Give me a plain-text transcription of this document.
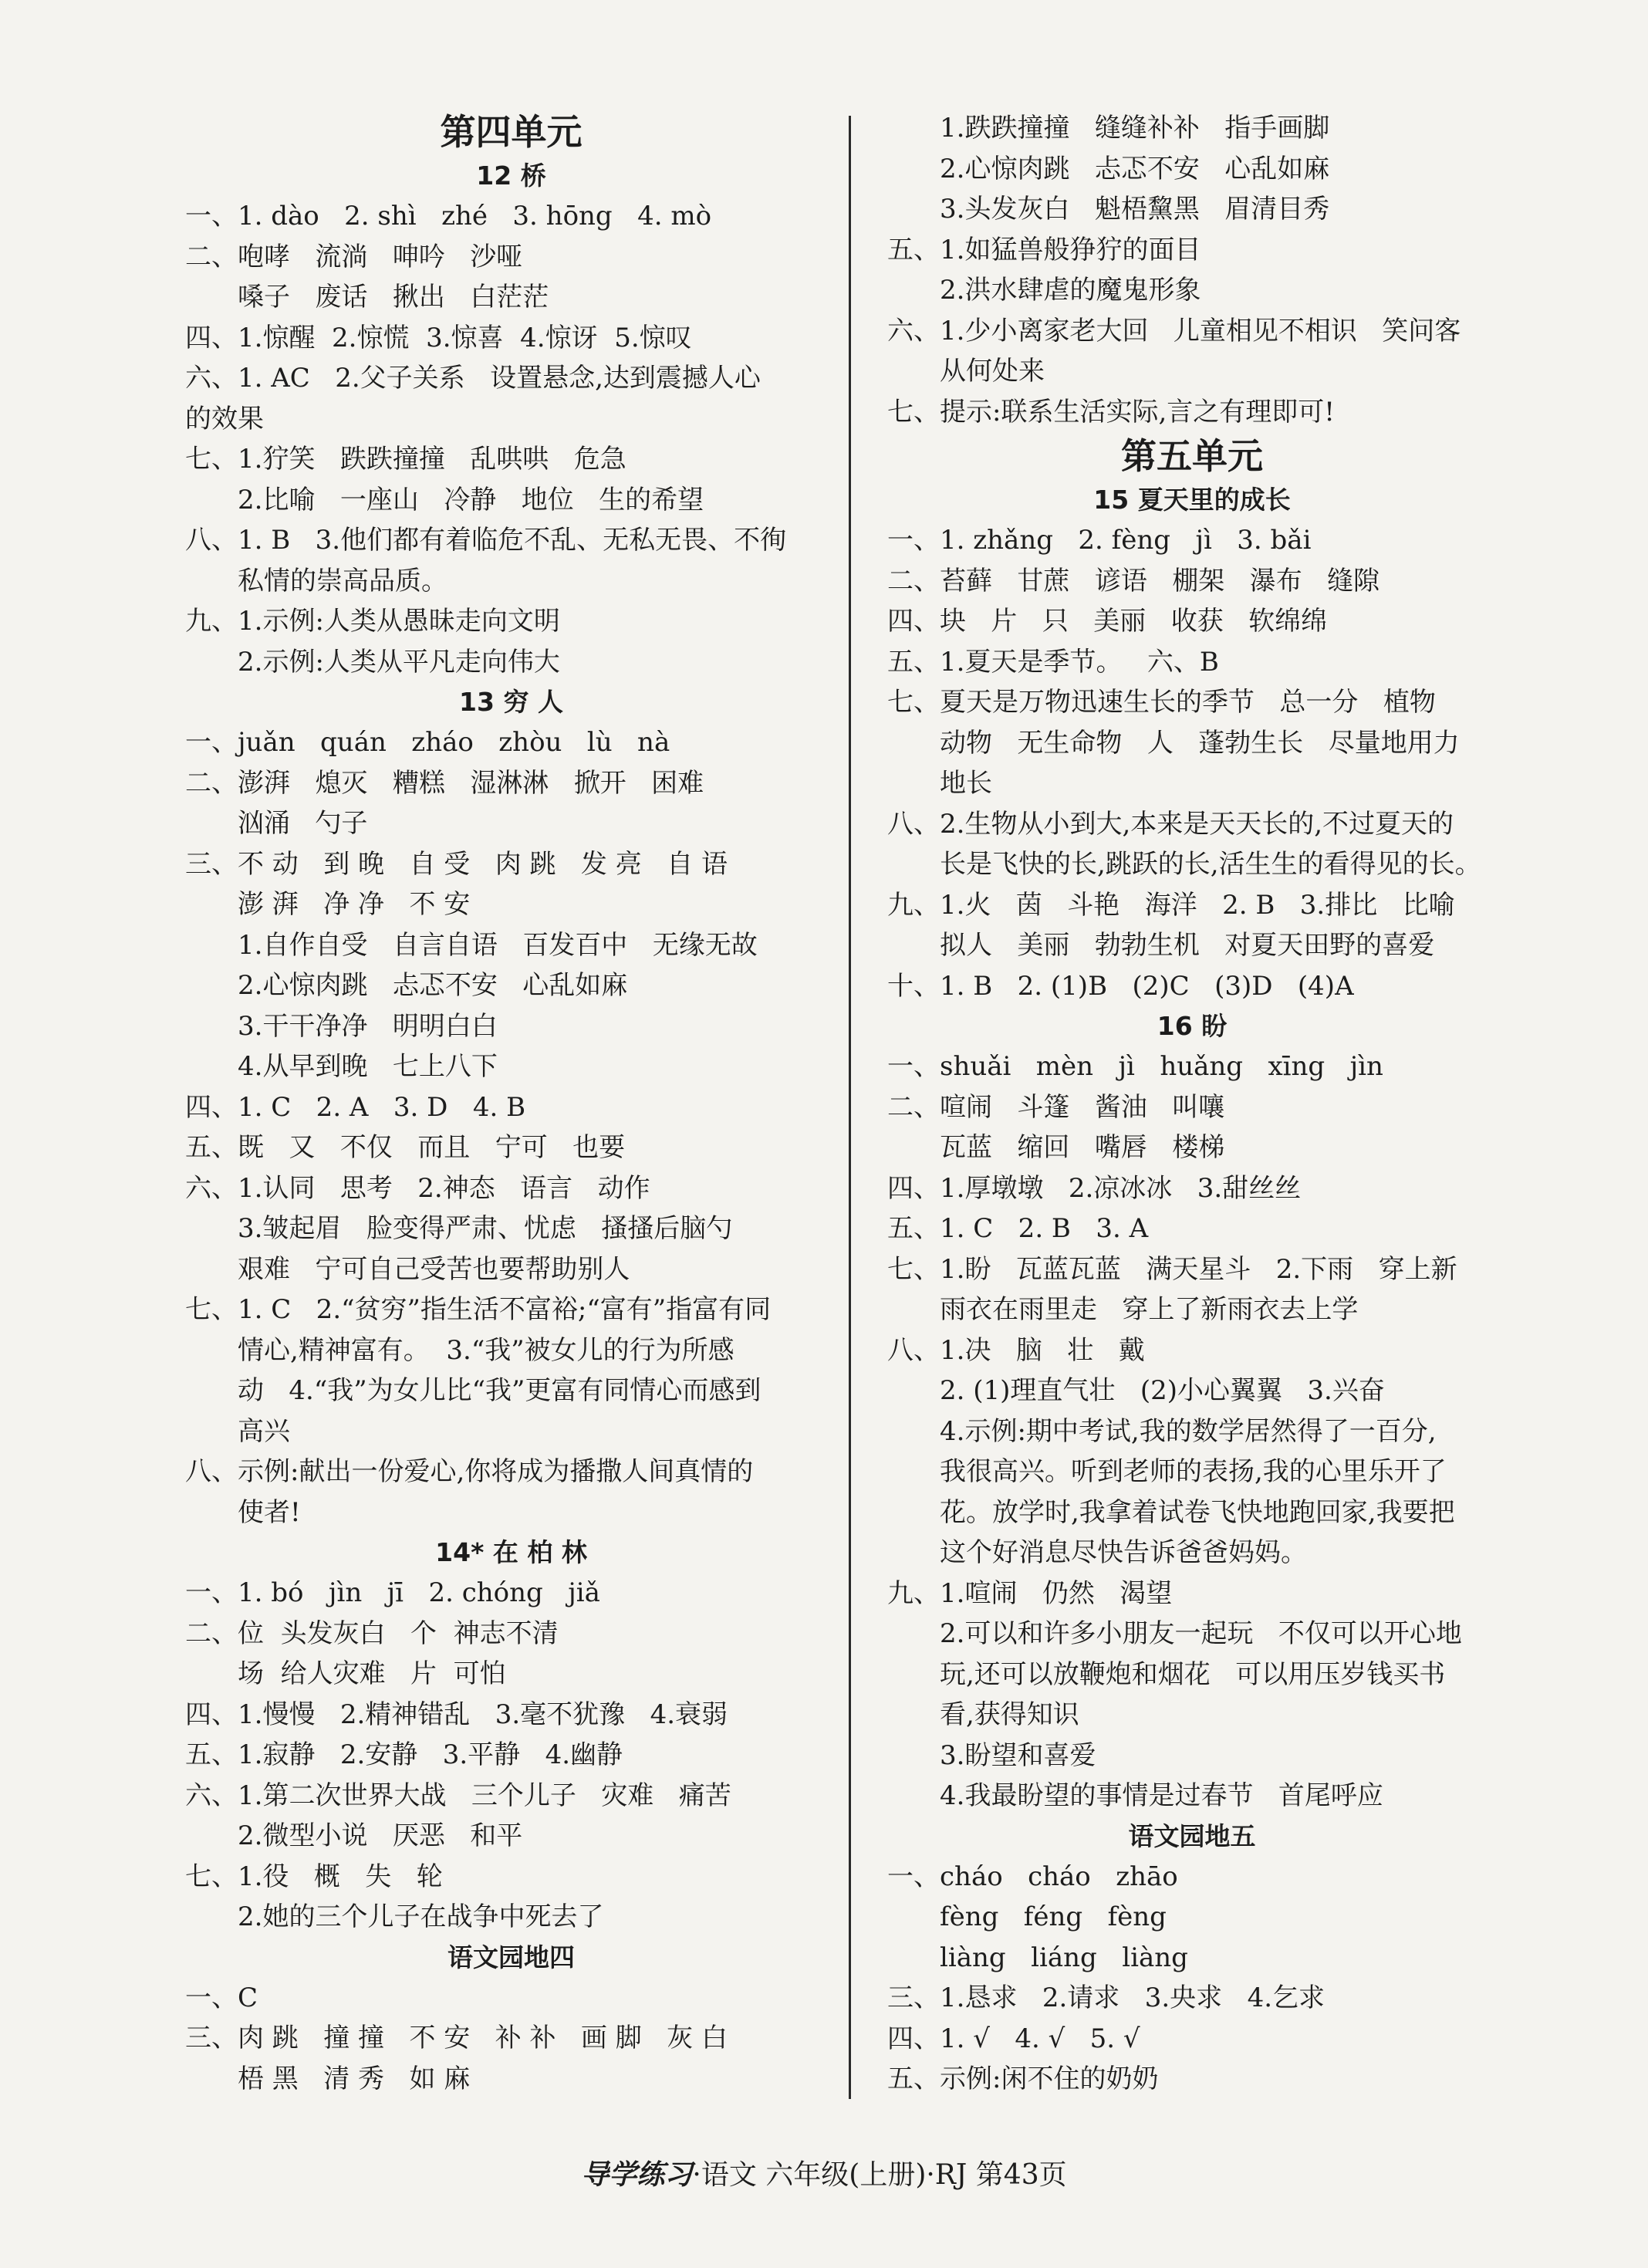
第四单元
12 桥
一、1. dào   2. shì   zhé   3. hōng   4. mò
二、咆哮   流淌   呻吟   沙哑
嗓子   废话   揪出   白茫茫
四、1.惊醒  2.惊慌  3.惊喜  4.惊讶  5.惊叹
六、1. AC   2.父子关系   设置悬念,达到震撼人心
的效果
七、1.狞笑   跌跌撞撞   乱哄哄   危急
2.比喻   一座山   冷静   地位   生的希望
八、1. B   3.他们都有着临危不乱、无私无畏、不徇
私情的崇高品质。
九、1.示例:人类从愚昧走向文明
2.示例:人类从平凡走向伟大
13 穷 人
一、juǎn   quán   zháo   zhòu   lù   nà
二、澎湃   熄灭   糟糕   湿淋淋   掀开   困难
汹涌   勺子
三、不 动   到 晚   自 受   肉 跳   发 亮   自 语
澎 湃   净 净   不 安
1.自作自受   自言自语   百发百中   无缘无故
2.心惊肉跳   忐忑不安   心乱如麻
3.干干净净   明明白白
4.从早到晚   七上八下
四、1. C   2. A   3. D   4. B
五、既   又   不仅   而且   宁可   也要
六、1.认同   思考   2.神态   语言   动作
3.皱起眉   脸变得严肃、忧虑   搔搔后脑勺
艰难   宁可自己受苦也要帮助别人
七、1. C   2.“贫穷”指生活不富裕;“富有”指富有同
情心,精神富有。  3.“我”被女儿的行为所感
动   4.“我”为女儿比“我”更富有同情心而感到
高兴
八、示例:献出一份爱心,你将成为播撒人间真情的
使者!
14* 在 柏 林
一、1. bó   jìn   jī   2. chóng   jiǎ
二、位  头发灰白   个  神志不清
场  给人灾难   片  可怕
四、1.慢慢   2.精神错乱   3.毫不犹豫   4.衰弱
五、1.寂静   2.安静   3.平静   4.幽静
六、1.第二次世界大战   三个儿子   灾难   痛苦
2.微型小说   厌恶   和平
七、1.役   概   失   轮
2.她的三个儿子在战争中死去了
语文园地四
一、C
三、肉 跳   撞 撞   不 安   补 补   画 脚   灰 白
梧 黑   清 秀   如 麻
1.跌跌撞撞   缝缝补补   指手画脚
2.心惊肉跳   忐忑不安   心乱如麻
3.头发灰白   魁梧黧黑   眉清目秀
五、1.如猛兽般狰狞的面目
2.洪水肆虐的魔鬼形象
六、1.少小离家老大回   儿童相见不相识   笑问客
从何处来
七、提示:联系生活实际,言之有理即可!
第五单元
15 夏天里的成长
一、1. zhǎng   2. fèng   jì   3. bǎi
二、苔藓   甘蔗   谚语   棚架   瀑布   缝隙
四、块   片   只   美丽   收获   软绵绵
五、1.夏天是季节。   六、B
七、夏天是万物迅速生长的季节   总一分   植物
动物   无生命物   人   蓬勃生长   尽量地用力
地长
八、2.生物从小到大,本来是天天长的,不过夏天的
长是飞快的长,跳跃的长,活生生的看得见的长。
九、1.火   茵   斗艳   海洋   2. B   3.排比   比喻
拟人   美丽   勃勃生机   对夏天田野的喜爱
十、1. B   2. (1)B   (2)C   (3)D   (4)A
16 盼
一、shuǎi   mèn   jì   huǎng   xīng   jìn
二、喧闹   斗篷   酱油   叫嚷
瓦蓝   缩回   嘴唇   楼梯
四、1.厚墩墩   2.凉冰冰   3.甜丝丝
五、1. C   2. B   3. A
七、1.盼   瓦蓝瓦蓝   满天星斗   2.下雨   穿上新
雨衣在雨里走   穿上了新雨衣去上学
八、1.决   脑   壮   戴
2. (1)理直气壮   (2)小心翼翼   3.兴奋
4.示例:期中考试,我的数学居然得了一百分,
我很高兴。听到老师的表扬,我的心里乐开了
花。放学时,我拿着试卷飞快地跑回家,我要把
这个好消息尽快告诉爸爸妈妈。
九、1.喧闹   仍然   渴望
2.可以和许多小朋友一起玩   不仅可以开心地
玩,还可以放鞭炮和烟花   可以用压岁钱买书
看,获得知识
3.盼望和喜爱
4.我最盼望的事情是过春节   首尾呼应
语文园地五
一、cháo   cháo   zhāo
fèng   féng   fèng
liàng   liáng   liàng
三、1.恳求   2.请求   3.央求   4.乞求
四、1. √   4. √   5. √
五、示例:闲不住的奶奶
导学练习·语文 六年级(上册)·RJ 第43页
